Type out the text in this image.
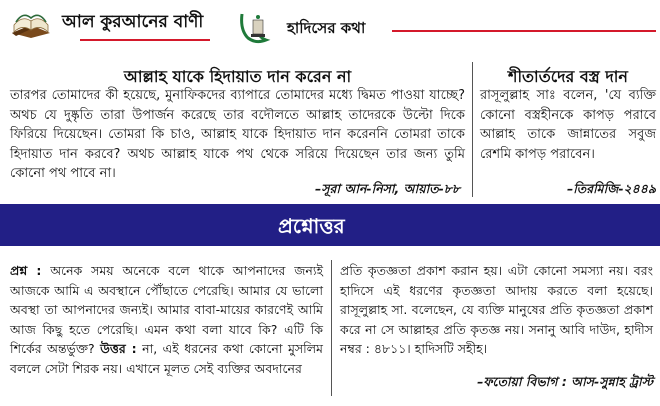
আল কুরআনের বাণী	হাদিসের কথা
আল্লাহ যাকে হিদায়াত দান করেন না
তারপর তোমাদের কী হয়েছে, মুনাফিকদের ব্যাপারে তোমাদের মধ্যে দ্বিমত পাওয়া যাচ্ছে? অথচ যে দুষ্কৃতি তারা উপার্জন করেছে তার বদৌলতে আল্লাহ তাদেরকে উল্টো দিকে ফিরিয়ে দিয়েছেন। তোমরা কি চাও, আল্লাহ যাকে হিদায়াত দান করেননি তোমরা তাকে হিদায়াত দান করবে? অথচ আল্লাহ যাকে পথ থেকে সরিয়ে দিয়েছেন তার জন্য তুমি কোনো পথ পাবে না।
–সূরা আন-নিসা, আয়াত-৮৮
শীতার্তদের বস্ত্র দান
রাসূলুল্লাহ সাঃ বলেন, 'যে ব্যক্তি কোনো বস্ত্রহীনকে কাপড় পরাবে আল্লাহ তাকে জান্নাতের সবুজ রেশমি কাপড় পরাবেন।
–তিরমিজি-২৪৪৯
প্রশ্নোত্তর
প্রশ্ন : অনেক সময় অনেকে বলে থাকে আপনাদের জন্যই আজকে আমি এ অবস্থানে পৌঁছাতে পেরেছি। আমার যে ভালো অবস্থা তা আপনাদের জন্যই। আমার বাবা-মায়ের কারণেই আমি আজ কিছু হতে পেরেছি। এমন কথা বলা যাবে কি? এটি কি শির্কের অন্তর্ভুক্ত? উত্তর : না, এই ধরনের কথা কোনো মুসলিম বললে সেটা শিরক নয়। এখানে মূলত সেই ব্যক্তির অবদানের
প্রতি কৃতজ্ঞতা প্রকাশ করান হয়। এটা কোনো সমস্যা নয়। বরং হাদিসে এই ধরণের কৃতজ্ঞতা আদায় করতে বলা হয়েছে। রাসূলুল্লাহ সা. বলেছেন, যে ব্যক্তি মানুষের প্রতি কৃতজ্ঞতা প্রকাশ করে না সে আল্লাহর প্রতি কৃতজ্ঞ নয়। সনানু আবি দাউদ, হাদীস নম্বর : ৪৮১১। হাদিসটি সহীহ।
–ফতোয়া বিভাগ : আস-সুন্নাহ ট্রাস্ট
